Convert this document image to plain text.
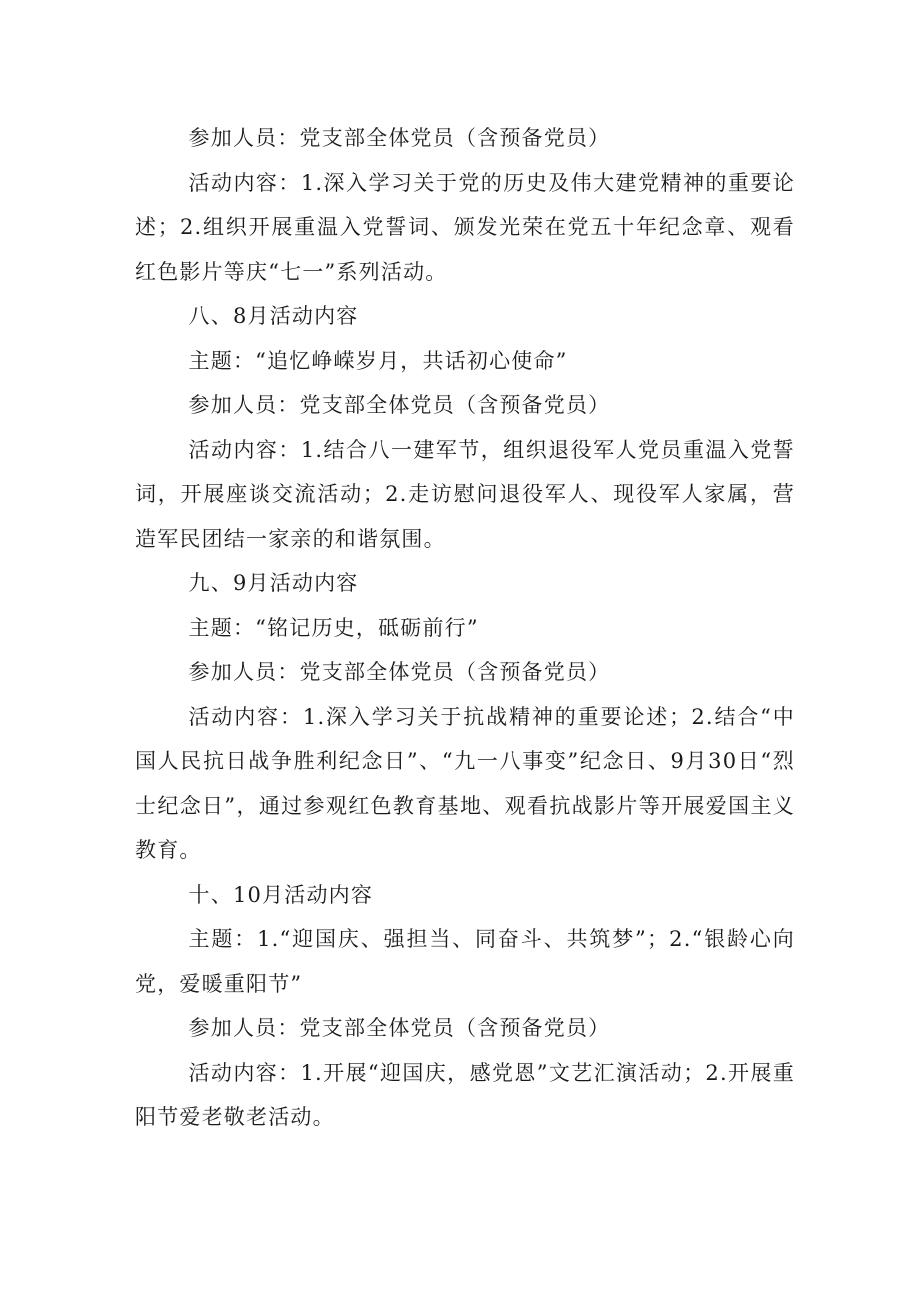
参加人员：党支部全体党员（含预备党员）

活动内容：1.深入学习关于党的历史及伟大建党精神的重要论述；2.组织开展重温入党誓词、颁发光荣在党五十年纪念章、观看红色影片等庆“七一”系列活动。

八、8月活动内容

主题：“追忆峥嵘岁月，共话初心使命”

参加人员：党支部全体党员（含预备党员）

活动内容：1.结合八一建军节，组织退役军人党员重温入党誓词，开展座谈交流活动；2.走访慰问退役军人、现役军人家属，营造军民团结一家亲的和谐氛围。

九、9月活动内容

主题：“铭记历史，砥砺前行”

参加人员：党支部全体党员（含预备党员）

活动内容：1.深入学习关于抗战精神的重要论述；2.结合“中国人民抗日战争胜利纪念日”、“九一八事变”纪念日、9月30日“烈士纪念日”，通过参观红色教育基地、观看抗战影片等开展爱国主义教育。

十、10月活动内容

主题：1.“迎国庆、强担当、同奋斗、共筑梦”；2.“银龄心向党，爱暖重阳节”

参加人员：党支部全体党员（含预备党员）

活动内容：1.开展“迎国庆，感党恩”文艺汇演活动；2.开展重阳节爱老敬老活动。
